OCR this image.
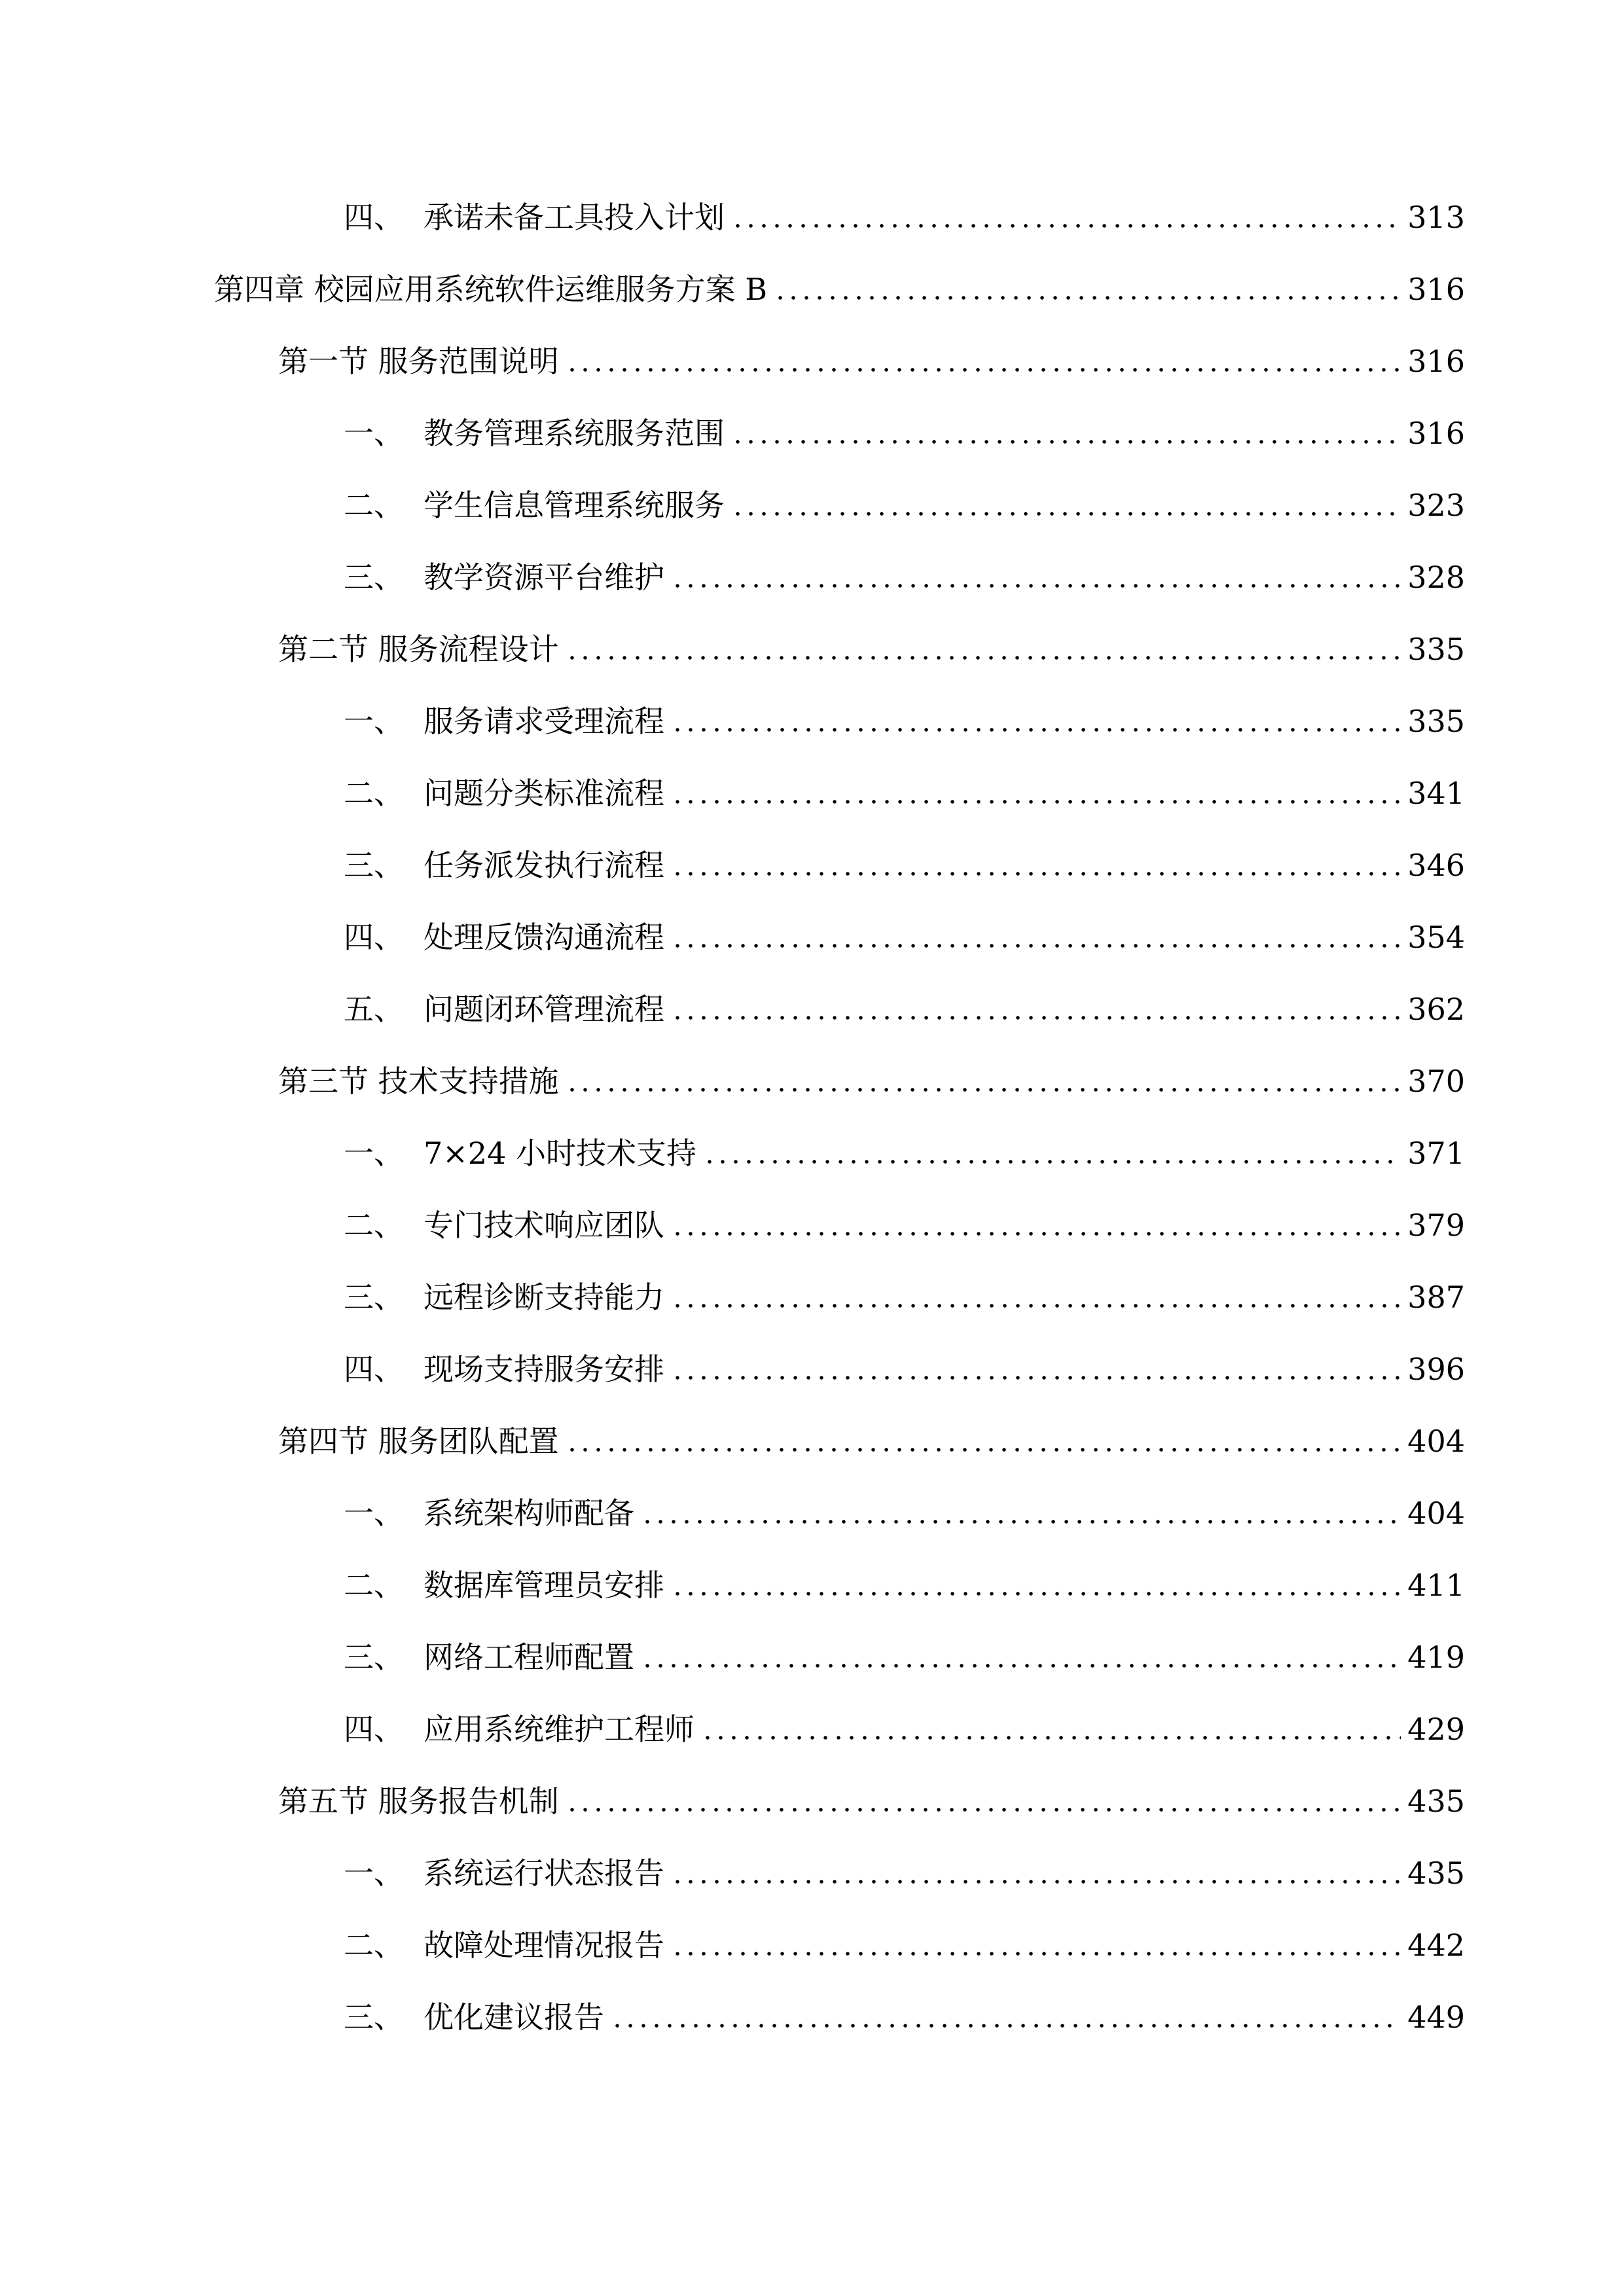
四、 承诺未备工具投入计划	313
第四章 校园应用系统软件运维服务方案 B	316
第一节 服务范围说明	316
一、 教务管理系统服务范围	316
二、 学生信息管理系统服务	323
三、 教学资源平台维护	328
第二节 服务流程设计	335
一、 服务请求受理流程	335
二、 问题分类标准流程	341
三、 任务派发执行流程	346
四、 处理反馈沟通流程	354
五、 问题闭环管理流程	362
第三节 技术支持措施	370
一、 7×24 小时技术支持	371
二、 专门技术响应团队	379
三、 远程诊断支持能力	387
四、 现场支持服务安排	396
第四节 服务团队配置	404
一、 系统架构师配备	404
二、 数据库管理员安排	411
三、 网络工程师配置	419
四、 应用系统维护工程师	429
第五节 服务报告机制	435
一、 系统运行状态报告	435
二、 故障处理情况报告	442
三、 优化建议报告	449
